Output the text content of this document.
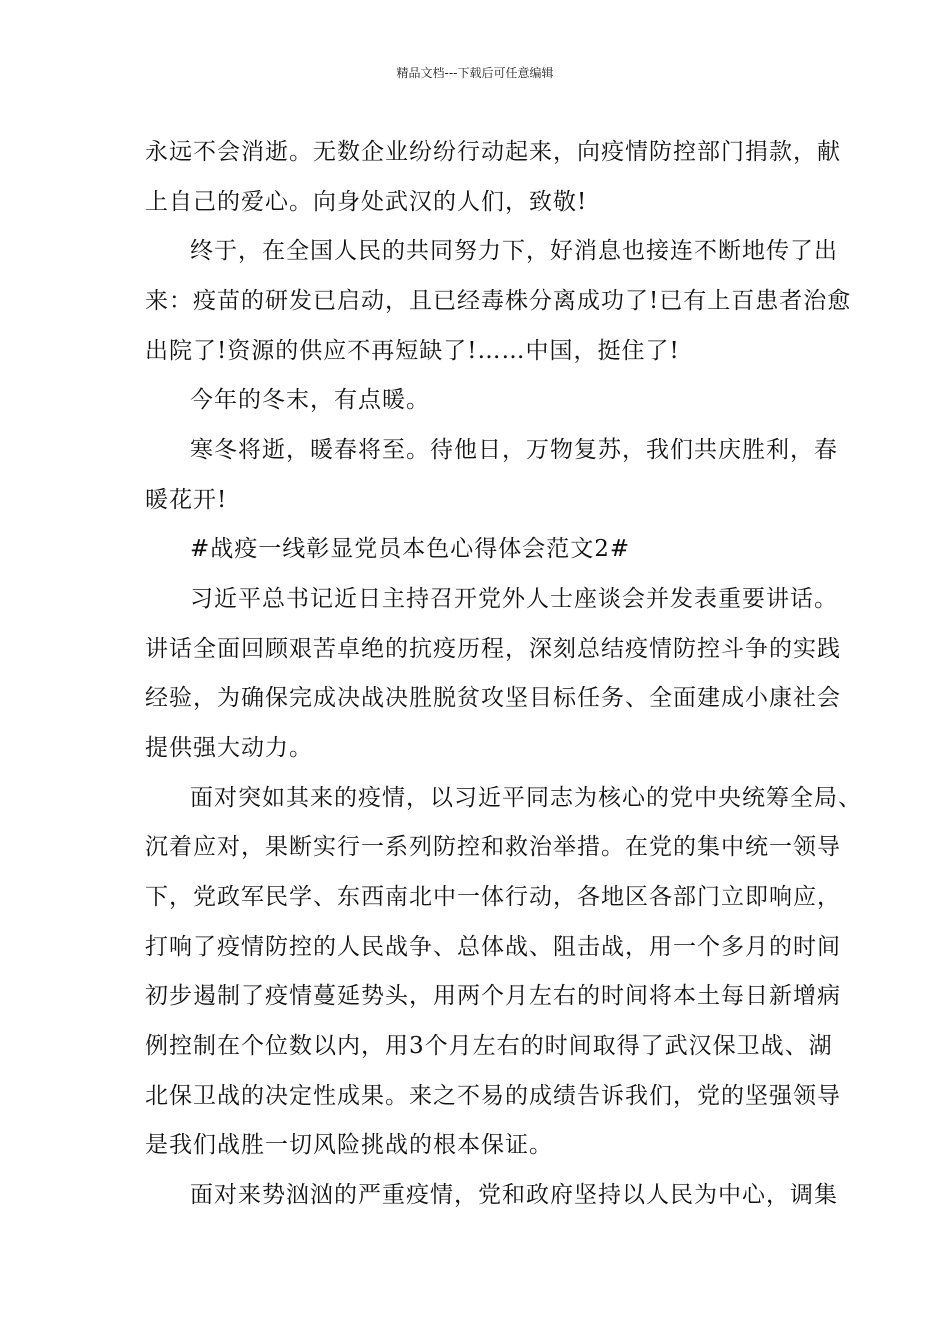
精品文档---下载后可任意编辑
永远不会消逝。无数企业纷纷行动起来，向疫情防控部门捐款，献
上自己的爱心。向身处武汉的人们，致敬!
终于，在全国人民的共同努力下，好消息也接连不断地传了出
来：疫苗的研发已启动，且已经毒株分离成功了!已有上百患者治愈
出院了!资源的供应不再短缺了!……中国，挺住了!
今年的冬末，有点暖。
寒冬将逝，暖春将至。待他日，万物复苏，我们共庆胜利，春
暖花开!
#战疫一线彰显党员本色心得体会范文2#
习近平总书记近日主持召开党外人士座谈会并发表重要讲话。
讲话全面回顾艰苦卓绝的抗疫历程，深刻总结疫情防控斗争的实践
经验，为确保完成决战决胜脱贫攻坚目标任务、全面建成小康社会
提供强大动力。
面对突如其来的疫情，以习近平同志为核心的党中央统筹全局、
沉着应对，果断实行一系列防控和救治举措。在党的集中统一领导
下，党政军民学、东西南北中一体行动，各地区各部门立即响应，
打响了疫情防控的人民战争、总体战、阻击战，用一个多月的时间
初步遏制了疫情蔓延势头，用两个月左右的时间将本土每日新增病
例控制在个位数以内，用3个月左右的时间取得了武汉保卫战、湖
北保卫战的决定性成果。来之不易的成绩告诉我们，党的坚强领导
是我们战胜一切风险挑战的根本保证。
面对来势汹汹的严重疫情，党和政府坚持以人民为中心，调集
